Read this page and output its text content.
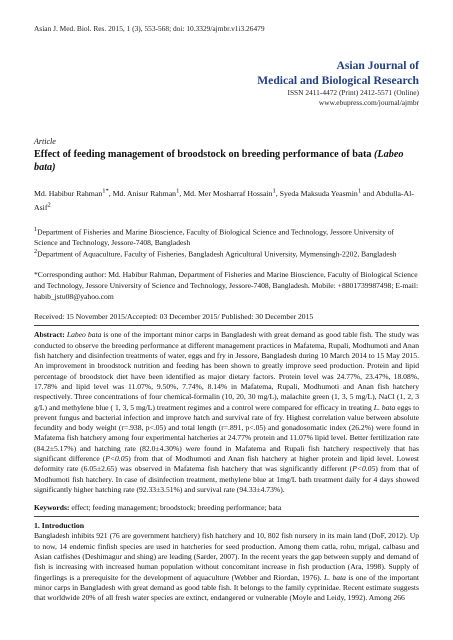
Asian J. Med. Biol. Res. 2015, 1 (3), 553-568; doi: 10.3329/ajmbr.v1i3.26479
Asian Journal of
Medical and Biological Research
ISSN 2411-4472 (Print) 2412-5571 (Online)
www.ebupress.com/journal/ajmbr
Article
Effect of feeding management of broodstock on breeding performance of bata (Labeo bata)
Md. Habibur Rahman$^{1*}$, Md. Anisur Rahman$^1$, Md. Mer Mosharraf Hossain$^1$, Syeda Maksuda Yeasmin$^1$ and Abdulla-Al-Asif$^2$
$^1$Department of Fisheries and Marine Bioscience, Faculty of Biological Science and Technology, Jessore University of Science and Technology, Jessore-7408, Bangladesh
$^2$Department of Aquaculture, Faculty of Fisheries, Bangladesh Agricultural University, Mymensingh-2202, Bangladesh
*Corresponding author: Md. Habibur Rahman, Department of Fisheries and Marine Bioscience, Faculty of Biological Science and Technology, Jessore University of Science and Technology, Jessore-7408, Bangladesh. Mobile: +8801739987498; E-mail: habib_jstu08@yahoo.com
Received: 15 November 2015/Accepted: 03 December 2015/ Published: 30 December 2015
Abstract: Labeo bata is one of the important minor carps in Bangladesh with great demand as good table fish. The study was conducted to observe the breeding performance at different management practices in Mafatema, Rupali, Modhumoti and Anan fish hatchery and disinfection treatments of water, eggs and fry in Jessore, Bangladesh during 10 March 2014 to 15 May 2015. An improvement in broodstock nutrition and feeding has been shown to greatly improve seed production. Protein and lipid percentage of broodstock diet have been identified as major dietary factors. Protein level was 24.77%, 23.47%, 18.08%, 17.78% and lipid level was 11.07%, 9.50%, 7.74%, 8.14% in Mafatema, Rupali, Modhumoti and Anan fish hatchery respectively. Three concentrations of four chemical-formalin (10, 20, 30 mg/L), malachite green (1, 3, 5 mg/L), NaCl (1, 2, 3 g/L) and methylene blue ( 1, 3, 5 mg/L) treatment regimes and a control were compared for efficacy in treating L. bata eggs to prevent fungus and bacterial infection and improve hatch and survival rate of fry. Highest correlation value between absolute fecundity and body weight (r=.938, p<.05) and total length (r=.891, p<.05) and gonadosomatic index (26.2%) were found in Mafatema fish hatchery among four experimental hatcheries at 24.77% protein and 11.07% lipid level. Better fertilization rate (84.2±5.17%) and hatching rate (82.0±4.30%) were found in Mafatema and Rupali fish hatchery respectively that has significant difference (P<0.05) from that of Modhumoti and Anan fish hatchery at higher protein and lipid level. Lowest deformity rate (6.05±2.65) was observed in Mafatema fish hatchery that was significantly different (P<0.05) from that of Modhumoti fish hatchery. In case of disinfection treatment, methylene blue at 1mg/L bath treatment daily for 4 days showed significantly higher hatching rate (92.33±3.51%) and survival rate (94.33±4.73%).
Keywords: effect; feeding management; broodstock; breeding performance; bata
1. Introduction
Bangladesh inhibits 921 (76 are government hatchery) fish hatchery and 10, 802 fish nursery in its main land (DoF, 2012). Up to now, 14 endemic finfish species are used in hatcheries for seed production. Among them catla, rohu, mrigal, calbasu and Asian catfishes (Deshimagur and shing) are leading (Sarder, 2007). In the recent years the gap between supply and demand of fish is increasing with increased human population without concomitant increase in fish production (Ara, 1998). Supply of fingerlings is a prerequisite for the development of aquaculture (Webber and Riordan, 1976). L. bata is one of the important minor carps in Bangladesh with great demand as good table fish. It belongs to the family cyprinidae. Recent estimate suggests that worldwide 20% of all fresh water species are extinct, endangered or vulnerable (Moyle and Leidy, 1992). Among 266
